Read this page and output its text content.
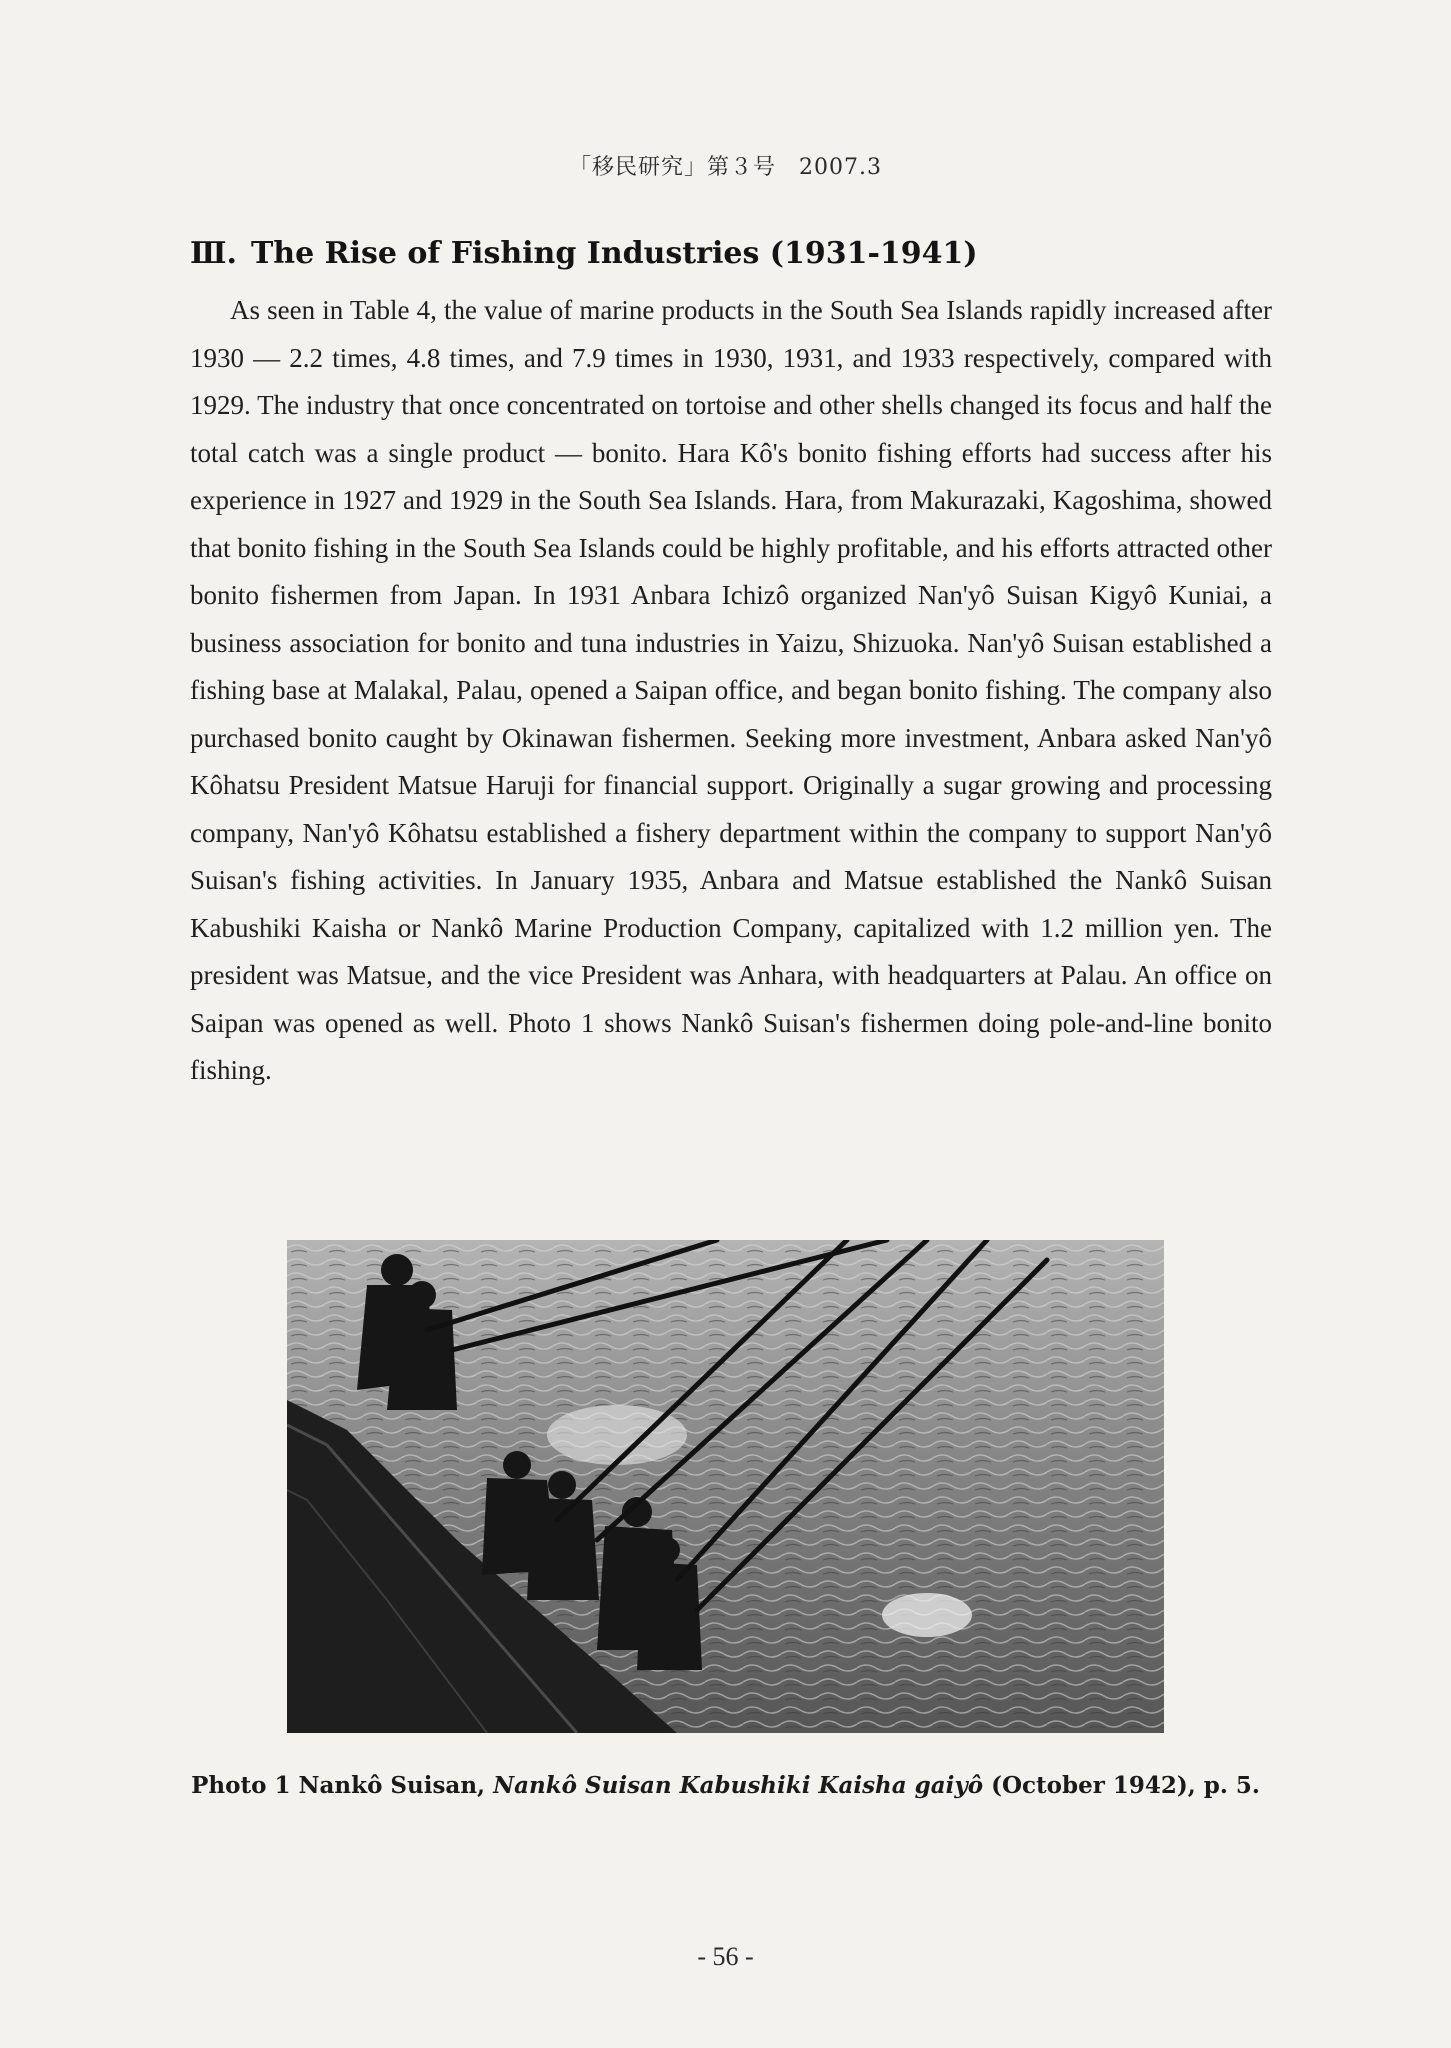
「移民研究」第３号　2007.3
Ⅲ. The Rise of Fishing Industries (1931-1941)

As seen in Table 4, the value of marine products in the South Sea Islands rapidly increased after 1930 — 2.2 times, 4.8 times, and 7.9 times in 1930, 1931, and 1933 respectively, compared with 1929. The industry that once concentrated on tortoise and other shells changed its focus and half the total catch was a single product — bonito. Hara Kô's bonito fishing efforts had success after his experience in 1927 and 1929 in the South Sea Islands. Hara, from Makurazaki, Kagoshima, showed that bonito fishing in the South Sea Islands could be highly profitable, and his efforts attracted other bonito fishermen from Japan. In 1931 Anbara Ichizô organized Nan'yô Suisan Kigyô Kuniai, a business association for bonito and tuna industries in Yaizu, Shizuoka. Nan'yô Suisan established a fishing base at Malakal, Palau, opened a Saipan office, and began bonito fishing. The company also purchased bonito caught by Okinawan fishermen. Seeking more investment, Anbara asked Nan'yô Kôhatsu President Matsue Haruji for financial support. Originally a sugar growing and processing company, Nan'yô Kôhatsu established a fishery department within the company to support Nan'yô Suisan's fishing activities. In January 1935, Anbara and Matsue established the Nankô Suisan Kabushiki Kaisha or Nankô Marine Production Company, capitalized with 1.2 million yen. The president was Matsue, and the vice President was Anhara, with headquarters at Palau. An office on Saipan was opened as well. Photo 1 shows Nankô Suisan's fishermen doing pole-and-line bonito fishing.

Photo 1 Nankô Suisan, Nankô Suisan Kabushiki Kaisha gaiyô (October 1942), p. 5.
- 56 -
